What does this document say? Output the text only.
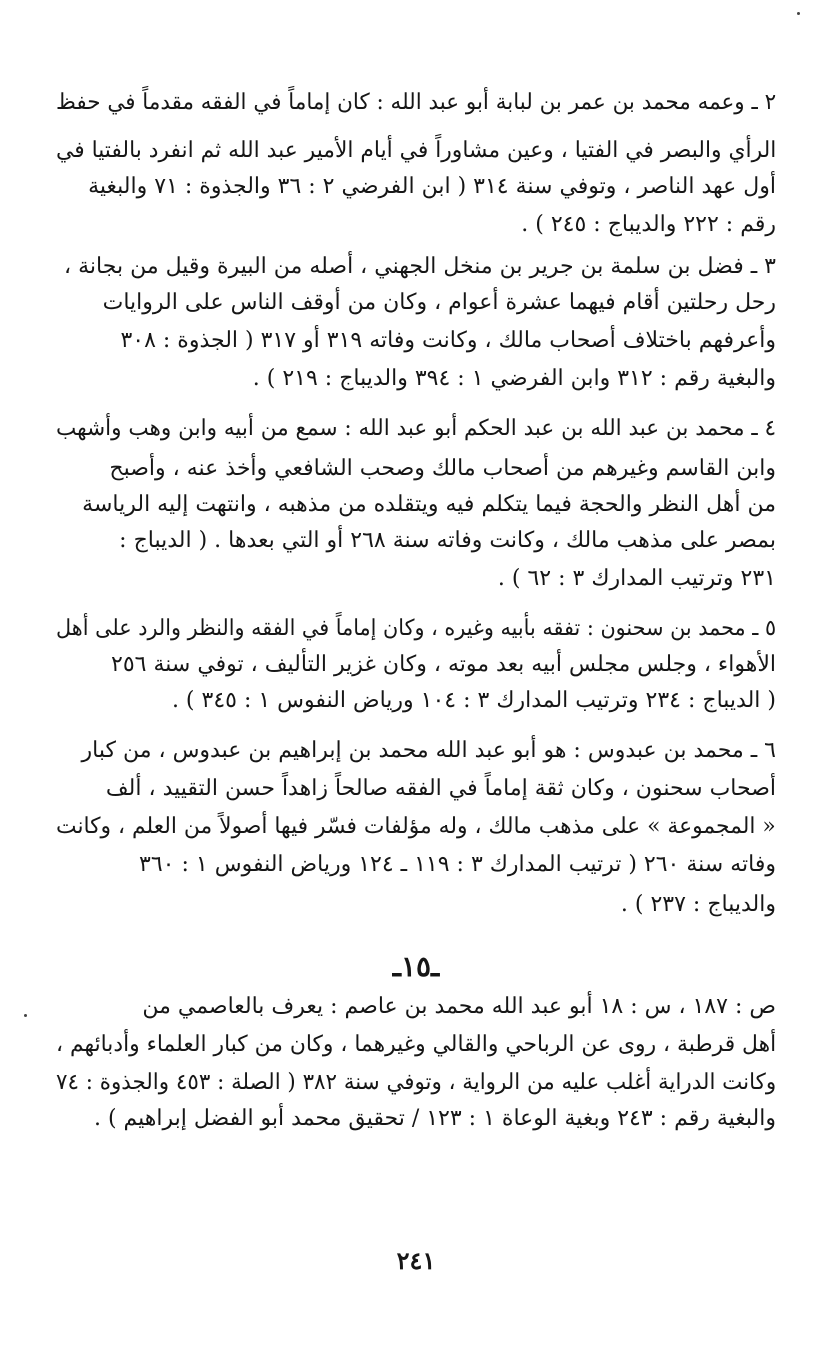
٢ ـ وعمه محمد بن عمر بن لبابة أبو عبد الله : كان إماماً في الفقه مقدماً في حفظ
الرأي والبصر في الفتيا ، وعين مشاوراً في أيام الأمير عبد الله ثم انفرد بالفتيا في
أول عهد الناصر ، وتوفي سنة ٣١٤ ( ابن الفرضي ٢ : ٣٦ والجذوة : ٧١ والبغية
رقم : ٢٢٢ والديباج : ٢٤٥ ) .
٣ ـ فضل بن سلمة بن جرير بن منخل الجهني ، أصله من البيرة وقيل من بجانة ،
رحل رحلتين أقام فيهما عشرة أعوام ، وكان من أوقف الناس على الروايات
وأعرفهم باختلاف أصحاب مالك ، وكانت وفاته ٣١٩ أو ٣١٧ ( الجذوة : ٣٠٨
والبغية رقم : ٣١٢ وابن الفرضي ١ : ٣٩٤ والديباج : ٢١٩ ) .
٤ ـ محمد بن عبد الله بن عبد الحكم أبو عبد الله : سمع من أبيه وابن وهب وأشهب
وابن القاسم وغيرهم من أصحاب مالك وصحب الشافعي وأخذ عنه ، وأصبح
من أهل النظر والحجة فيما يتكلم فيه ويتقلده من مذهبه ، وانتهت إليه الرياسة
بمصر على مذهب مالك ، وكانت وفاته سنة ٢٦٨ أو التي بعدها . ( الديباج :
٢٣١ وترتيب المدارك ٣ : ٦٢ ) .
٥ ـ محمد بن سحنون : تفقه بأبيه وغيره ، وكان إماماً في الفقه والنظر والرد على أهل
الأهواء ، وجلس مجلس أبيه بعد موته ، وكان غزير التأليف ، توفي سنة ٢٥٦
( الديباج : ٢٣٤ وترتيب المدارك ٣ : ١٠٤ ورياض النفوس ١ : ٣٤٥ ) .
٦ ـ محمد بن عبدوس : هو أبو عبد الله محمد بن إبراهيم بن عبدوس ، من كبار
أصحاب سحنون ، وكان ثقة إماماً في الفقه صالحاً زاهداً حسن التقييد ، ألف
« المجموعة » على مذهب مالك ، وله مؤلفات فسّر فيها أصولاً من العلم ، وكانت
وفاته سنة ٢٦٠ ( ترتيب المدارك ٣ : ١١٩ ـ ١٢٤ ورياض النفوس ١ : ٣٦٠
والديباج : ٢٣٧ ) .
ـ١٥ـ
ص : ١٨٧ ، س : ١٨ أبو عبد الله محمد بن عاصم : يعرف بالعاصمي من
أهل قرطبة ، روى عن الرباحي والقالي وغيرهما ، وكان من كبار العلماء وأدبائهم ،
وكانت الدراية أغلب عليه من الرواية ، وتوفي سنة ٣٨٢ ( الصلة : ٤٥٣ والجذوة : ٧٤
والبغية رقم : ٢٤٣ وبغية الوعاة ١ : ١٢٣ / تحقيق محمد أبو الفضل إبراهيم ) .
٢٤١
